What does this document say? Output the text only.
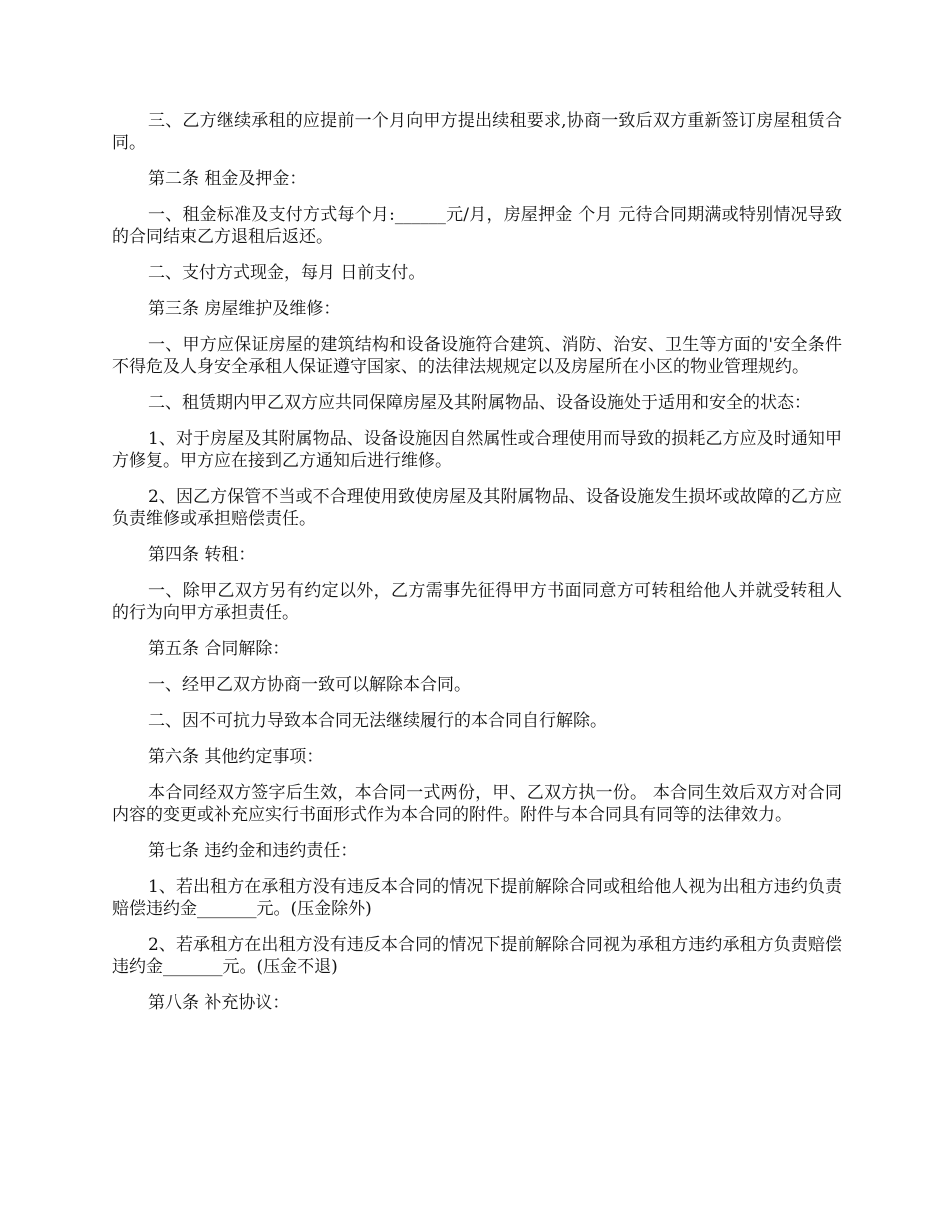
三、乙方继续承租的应提前一个月向甲方提出续租要求,协商一致后双方重新签订房屋租赁合同。

第二条 租金及押金：

一、租金标准及支付方式每个月:______元/月，房屋押金 个月 元待合同期满或特别情况导致的合同结束乙方退租后返还。

二、支付方式现金，每月 日前支付。

第三条 房屋维护及维修：

一、甲方应保证房屋的建筑结构和设备设施符合建筑、消防、治安、卫生等方面的'安全条件不得危及人身安全承租人保证遵守国家、的法律法规规定以及房屋所在小区的物业管理规约。

二、租赁期内甲乙双方应共同保障房屋及其附属物品、设备设施处于适用和安全的状态：

1、对于房屋及其附属物品、设备设施因自然属性或合理使用而导致的损耗乙方应及时通知甲方修复。甲方应在接到乙方通知后进行维修。

2、因乙方保管不当或不合理使用致使房屋及其附属物品、设备设施发生损坏或故障的乙方应负责维修或承担赔偿责任。

第四条 转租：

一、除甲乙双方另有约定以外，乙方需事先征得甲方书面同意方可转租给他人并就受转租人的行为向甲方承担责任。

第五条 合同解除：

一、经甲乙双方协商一致可以解除本合同。

二、因不可抗力导致本合同无法继续履行的本合同自行解除。

第六条 其他约定事项：

本合同经双方签字后生效，本合同一式两份，甲、乙双方执一份。 本合同生效后双方对合同内容的变更或补充应实行书面形式作为本合同的附件。附件与本合同具有同等的法律效力。

第七条 违约金和违约责任：

1、若出租方在承租方没有违反本合同的情况下提前解除合同或租给他人视为出租方违约负责赔偿违约金_______元。(压金除外)

2、若承租方在出租方没有违反本合同的情况下提前解除合同视为承租方违约承租方负责赔偿违约金_______元。(压金不退)

第八条 补充协议：
